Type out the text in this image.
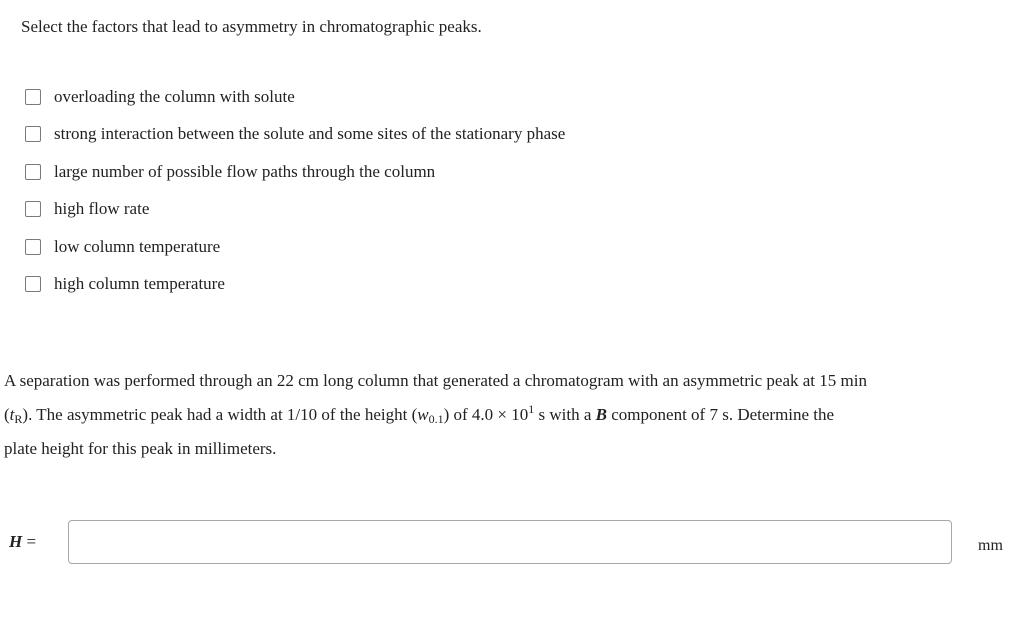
Select the factors that lead to asymmetry in chromatographic peaks.
overloading the column with solute
strong interaction between the solute and some sites of the stationary phase
large number of possible flow paths through the column
high flow rate
low column temperature
high column temperature
A separation was performed through an 22 cm long column that generated a chromatogram with an asymmetric peak at 15 min
$(t_R)$. The asymmetric peak had a width at 1/10 of the height $(w_{0.1})$ of $4.0 \times 10^1$ s with a B component of 7 s. Determine the
plate height for this peak in millimeters.
H =	mm
